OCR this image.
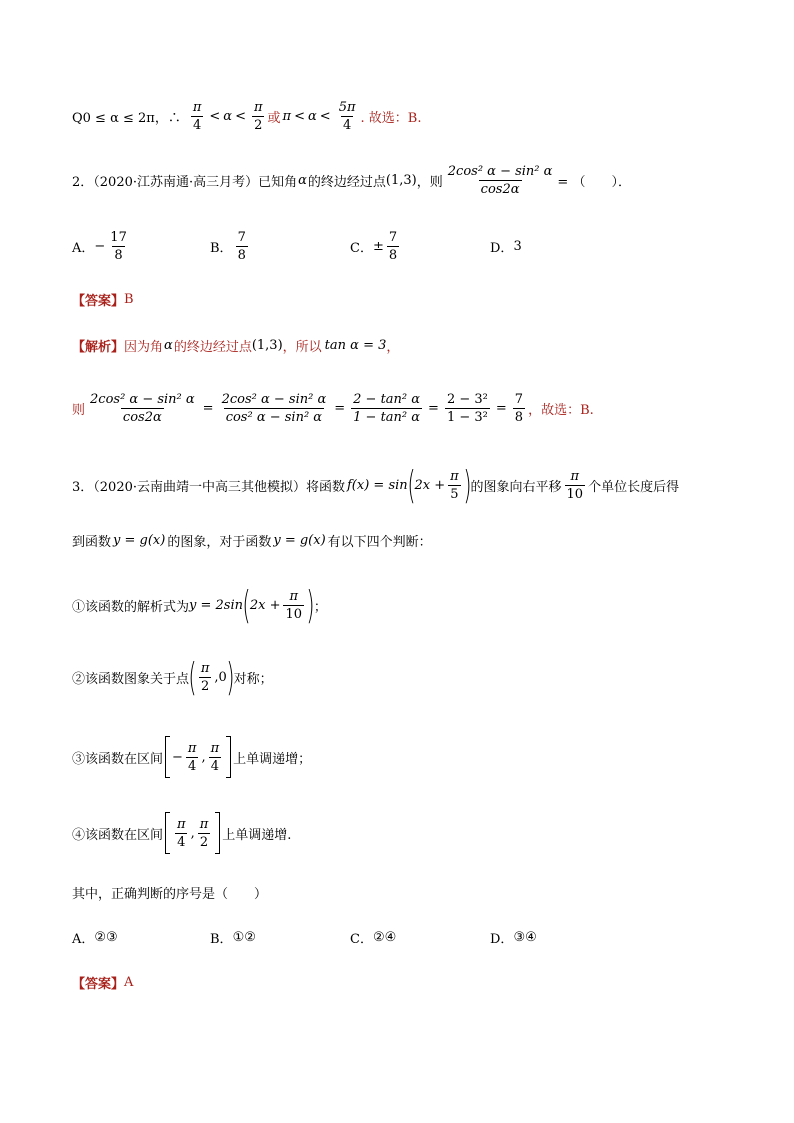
Q0 ≤ α ≤ 2π，∴ $\frac{\pi}{4} < \alpha < \frac{\pi}{2}$ 或 $\pi < \alpha < \frac{5\pi}{4}$ . 故选：B.
2．（2020·江苏南通·高三月考）已知角 α 的终边经过点 (1,3) ，则 $\frac{\text{2cos² α − sin² α}}{\cos 2\alpha}$ = （　　）．
A． − $\frac{17}{8}$	B． $\frac{7}{8}$	C． ± $\frac{7}{8}$	D． 3
【答案】 B
【解析】 因为角 α 的终边经过点 (1,3) ，所以 tan α = 3 ，
则 $\frac{\text{2cos² α − sin² α}}{\cos 2\alpha} = \frac{\text{2cos² α − sin² α}}{\text{cos² α − sin² α}} = \frac{\text{2 − tan² α}}{\text{1 − tan² α}} = \frac{\text{2 − 3²}}{\text{1 − 3²}} = \frac{7}{8}$ ，故选：B.
3．（2020·云南曲靖一中高三其他模拟）将函数 f(x) = sin ( $2x + \frac{\pi}{5}$ ) 的图象向右平移 $\frac{\pi}{10}$ 个单位长度后得
到函数 y = g(x) 的图象，对于函数 y = g(x) 有以下四个判断：
①该函数的解析式为 y = 2sin ( $2x + \frac{\pi}{10}$ ) ；
②该函数图象关于点 ( $\frac{\pi}{2} ,0$ ) 对称；
③该函数在区间 − $\frac{\pi}{4}$ , $\frac{\pi}{4}$ 上单调递增；
④该函数在区间 $\frac{\pi}{4}$ , $\frac{\pi}{2}$ 上单调递增.
其中，正确判断的序号是（　　）
A． ②③	B． ①②	C． ②④	D． ③④
【答案】 A
